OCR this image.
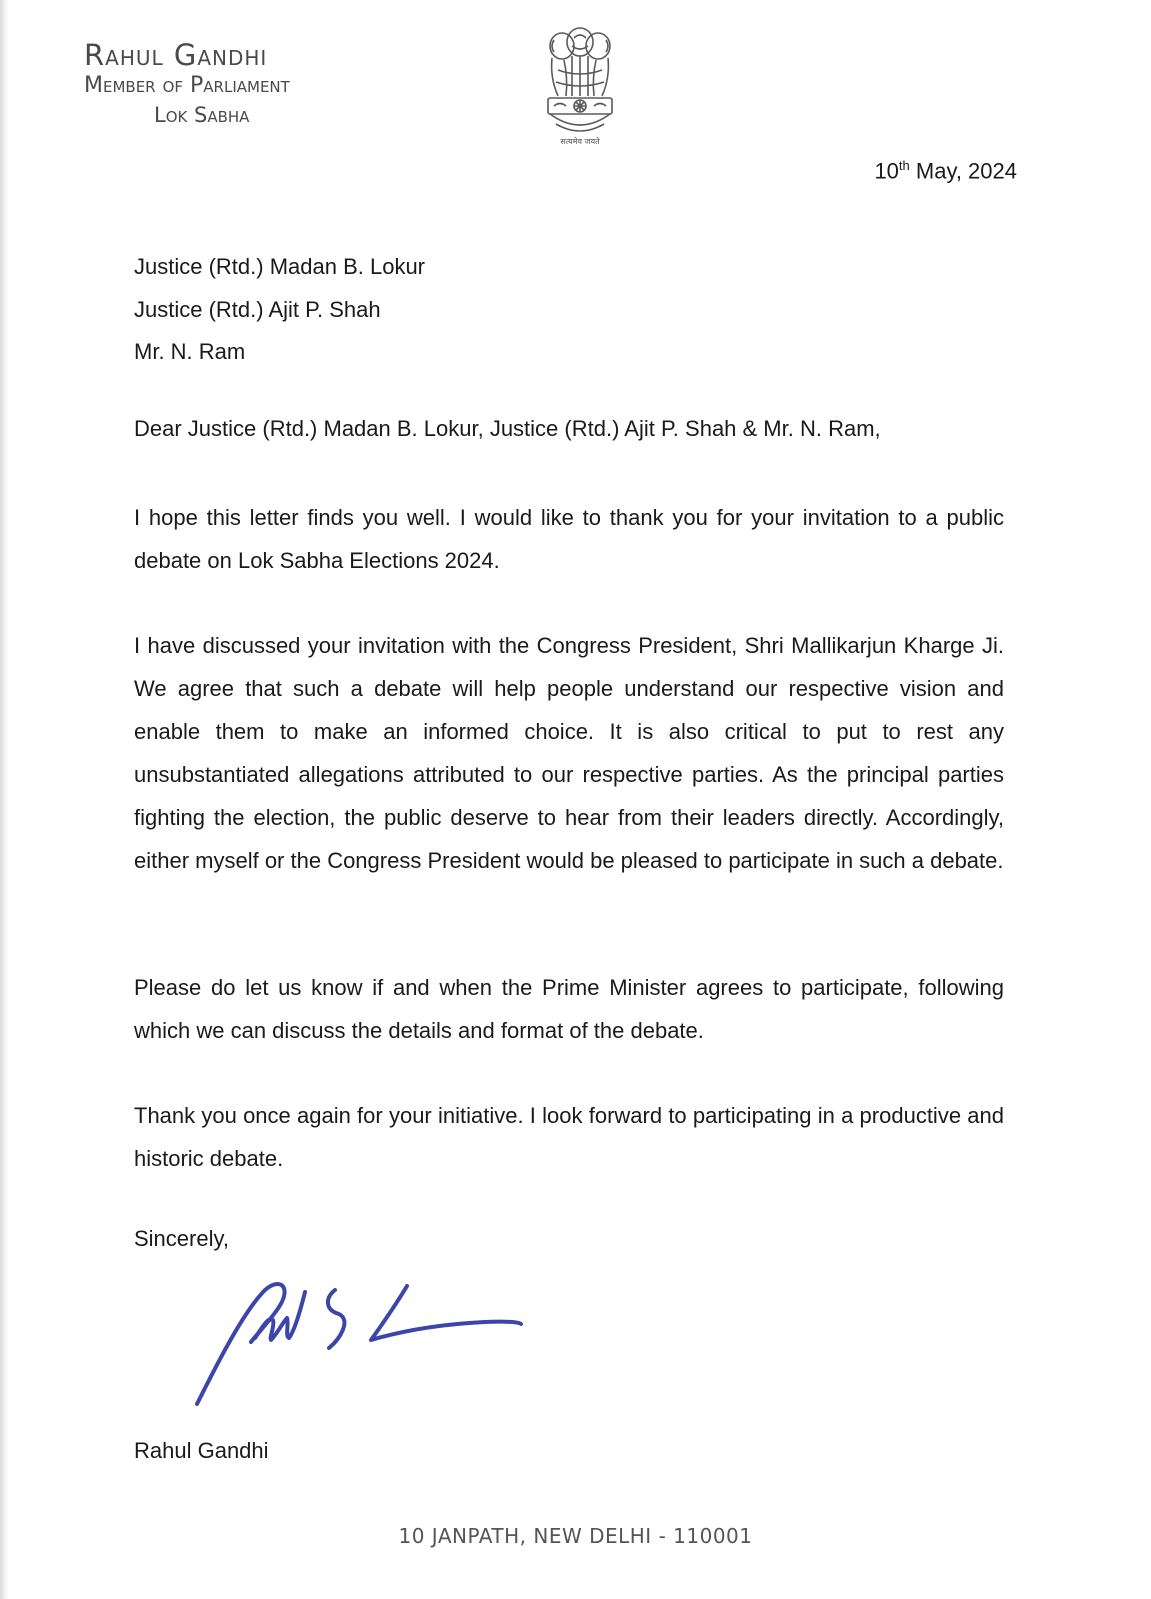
Rahul Gandhi
Member of Parliament
Lok Sabha
सत्यमेव जयते
10th May, 2024
Justice (Rtd.) Madan B. Lokur
Justice (Rtd.) Ajit P. Shah
Mr. N. Ram
Dear Justice (Rtd.) Madan B. Lokur, Justice (Rtd.) Ajit P. Shah & Mr. N. Ram,

I hope this letter finds you well. I would like to thank you for your invitation to a public debate on Lok Sabha Elections 2024.

I have discussed your invitation with the Congress President, Shri Mallikarjun Kharge Ji. We agree that such a debate will help people understand our respective vision and enable them to make an informed choice. It is also critical to put to rest any unsubstantiated allegations attributed to our respective parties. As the principal parties fighting the election, the public deserve to hear from their leaders directly. Accordingly, either myself or the Congress President would be pleased to participate in such a debate.

Please do let us know if and when the Prime Minister agrees to participate, following which we can discuss the details and format of the debate.

Thank you once again for your initiative. I look forward to participating in a productive and historic debate.

Sincerely,
Rahul Gandhi
10 JANPATH, NEW DELHI - 110001
